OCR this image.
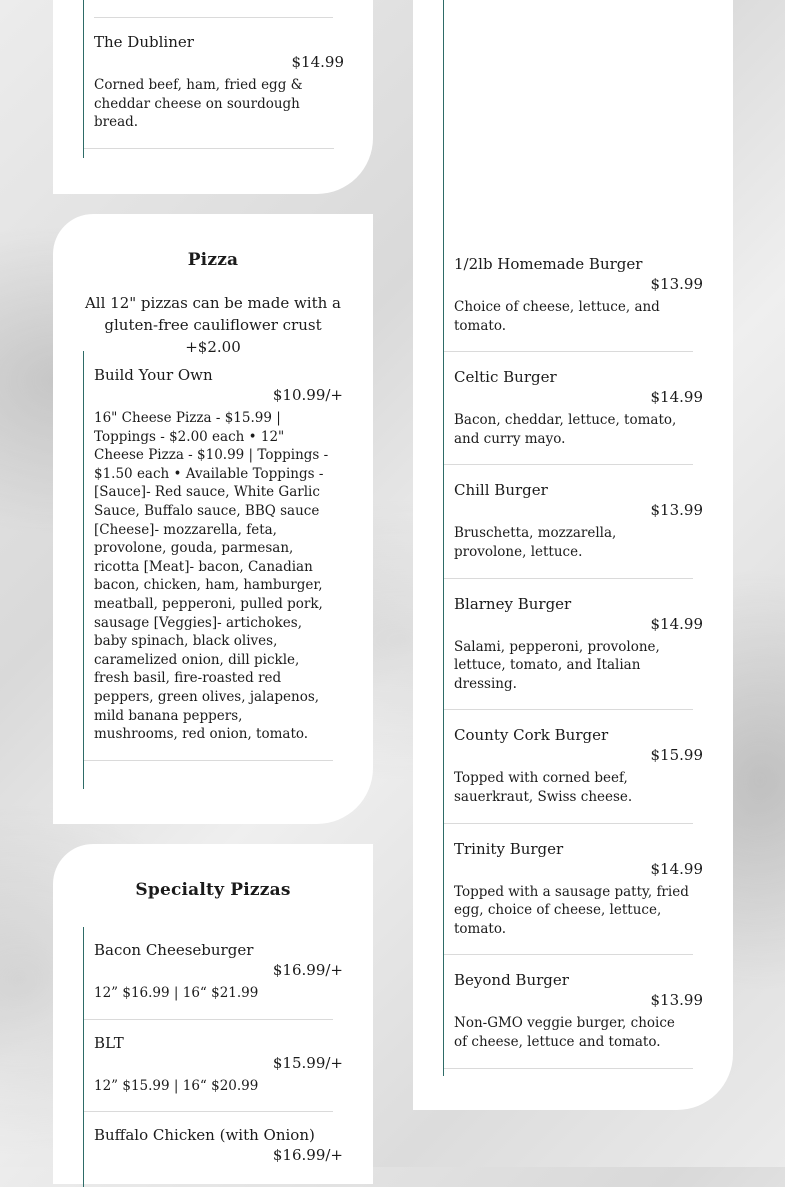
The Dubliner
$14.99
Corned beef, ham, fried egg & cheddar cheese on sourdough bread.
Pizza
All 12" pizzas can be made with a gluten-free cauliflower crust +$2.00
Build Your Own
$10.99/+
16" Cheese Pizza - $15.99 | Toppings - $2.00 each • 12" Cheese Pizza - $10.99 | Toppings - $1.50 each • Available Toppings - [Sauce]- Red sauce, White Garlic Sauce, Buffalo sauce, BBQ sauce [Cheese]- mozzarella, feta, provolone, gouda, parmesan, ricotta [Meat]- bacon, Canadian bacon, chicken, ham, hamburger, meatball, pepperoni, pulled pork, sausage [Veggies]- artichokes, baby spinach, black olives, caramelized onion, dill pickle, fresh basil, fire-roasted red peppers, green olives, jalapenos, mild banana peppers, mushrooms, red onion, tomato.
Specialty Pizzas
Bacon Cheeseburger
$16.99/+
12” $16.99 | 16“ $21.99
BLT
$15.99/+
12” $15.99 | 16“ $20.99
Buffalo Chicken (with Onion)
$16.99/+
1/2lb Homemade Burger
$13.99
Choice of cheese, lettuce, and tomato.
Celtic Burger
$14.99
Bacon, cheddar, lettuce, tomato, and curry mayo.
Chill Burger
$13.99
Bruschetta, mozzarella, provolone, lettuce.
Blarney Burger
$14.99
Salami, pepperoni, provolone, lettuce, tomato, and Italian dressing.
County Cork Burger
$15.99
Topped with corned beef, sauerkraut, Swiss cheese.
Trinity Burger
$14.99
Topped with a sausage patty, fried egg, choice of cheese, lettuce, tomato.
Beyond Burger
$13.99
Non-GMO veggie burger, choice of cheese, lettuce and tomato.
